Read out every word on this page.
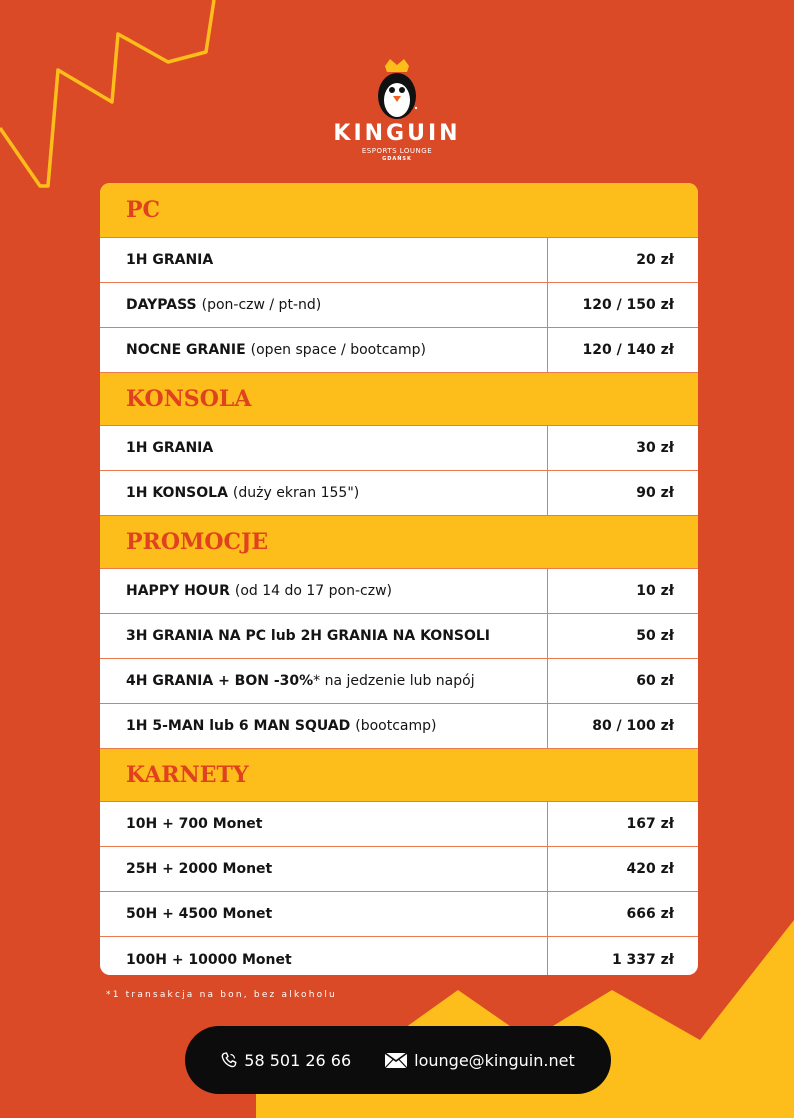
KINGUIN
ESPORTS LOUNGE
GDAŃSK
PC
1H GRANIA	20 zł
DAYPASS (pon-czw / pt-nd)	120 / 150 zł
NOCNE GRANIE (open space / bootcamp)	120 / 140 zł
KONSOLA
1H GRANIA	30 zł
1H KONSOLA (duży ekran 155")	90 zł
PROMOCJE
HAPPY HOUR (od 14 do 17 pon-czw)	10 zł
3H GRANIA NA PC lub 2H GRANIA NA KONSOLI	50 zł
4H GRANIA + BON -30% * na jedzenie lub napój	60 zł
1H 5-MAN lub 6 MAN SQUAD (bootcamp)	80 / 100 zł
KARNETY
10H + 700 Monet	167 zł
25H + 2000 Monet	420 zł
50H + 4500 Monet	666 zł
100H + 10000 Monet	1 337 zł
*1 transakcja na bon, bez alkoholu
58 501 26 66	lounge@kinguin.net
